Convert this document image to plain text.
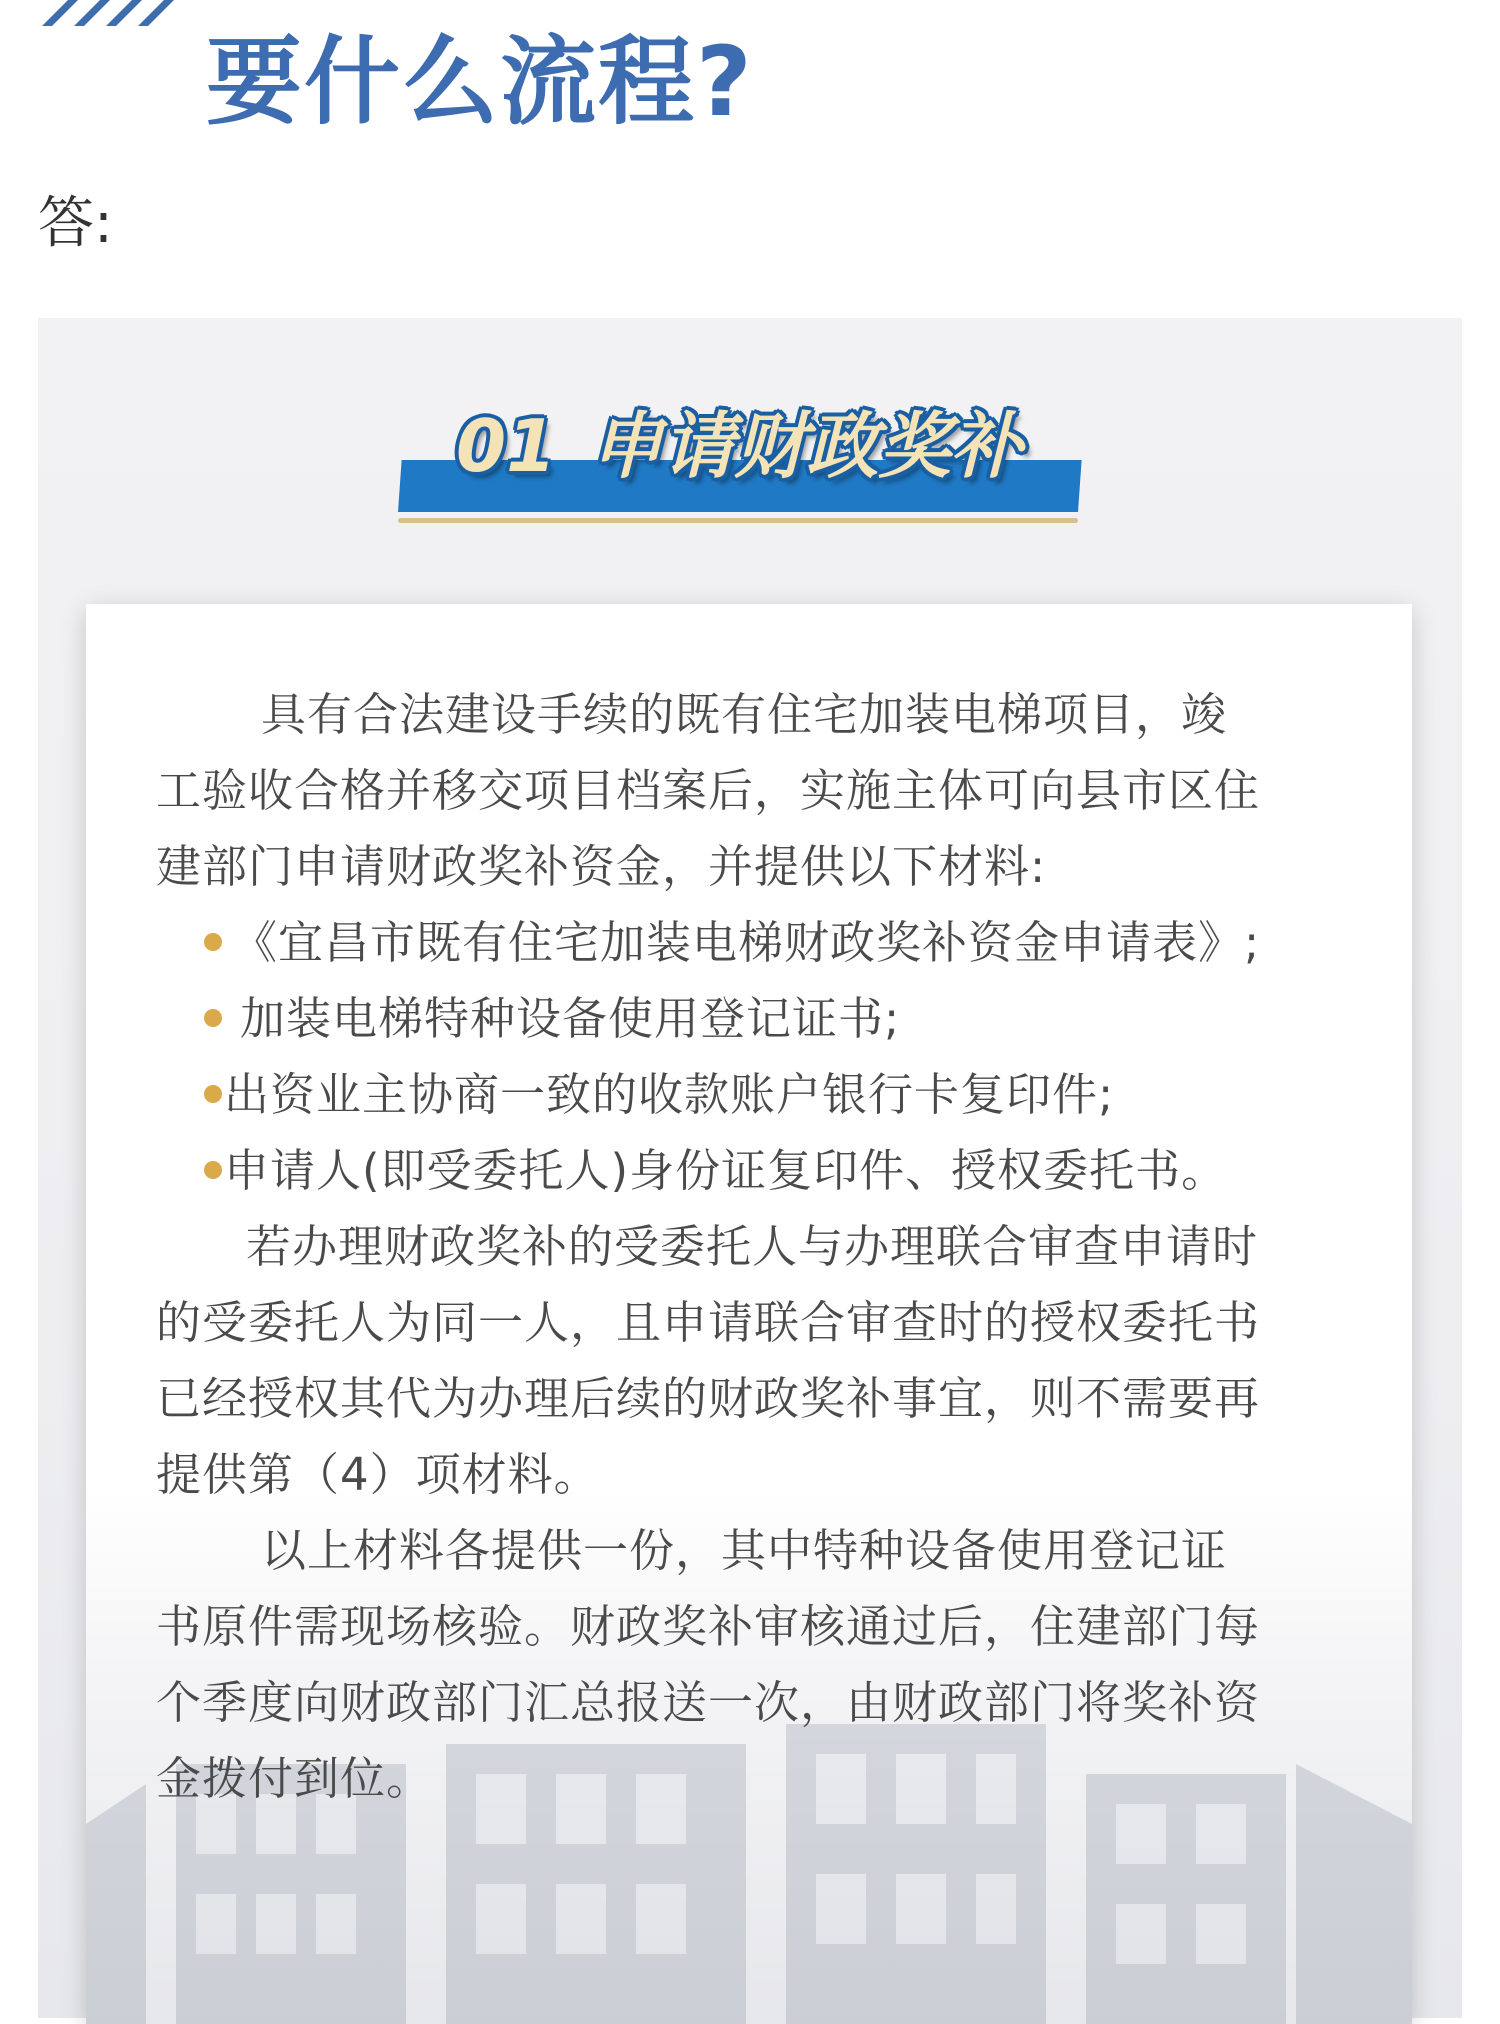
要什么流程?
答:
01 申请财政奖补
具有合法建设手续的既有住宅加装电梯项目，竣
工验收合格并移交项目档案后，实施主体可向县市区住
建部门申请财政奖补资金，并提供以下材料:
《宜昌市既有住宅加装电梯财政奖补资金申请表》;
加装电梯特种设备使用登记证书;
出资业主协商一致的收款账户银行卡复印件;
申请人(即受委托人)身份证复印件、授权委托书。
若办理财政奖补的受委托人与办理联合审查申请时
的受委托人为同一人，且申请联合审查时的授权委托书
已经授权其代为办理后续的财政奖补事宜，则不需要再
提供第（4）项材料。
以上材料各提供一份，其中特种设备使用登记证
书原件需现场核验。财政奖补审核通过后，住建部门每
个季度向财政部门汇总报送一次，由财政部门将奖补资
金拨付到位。
